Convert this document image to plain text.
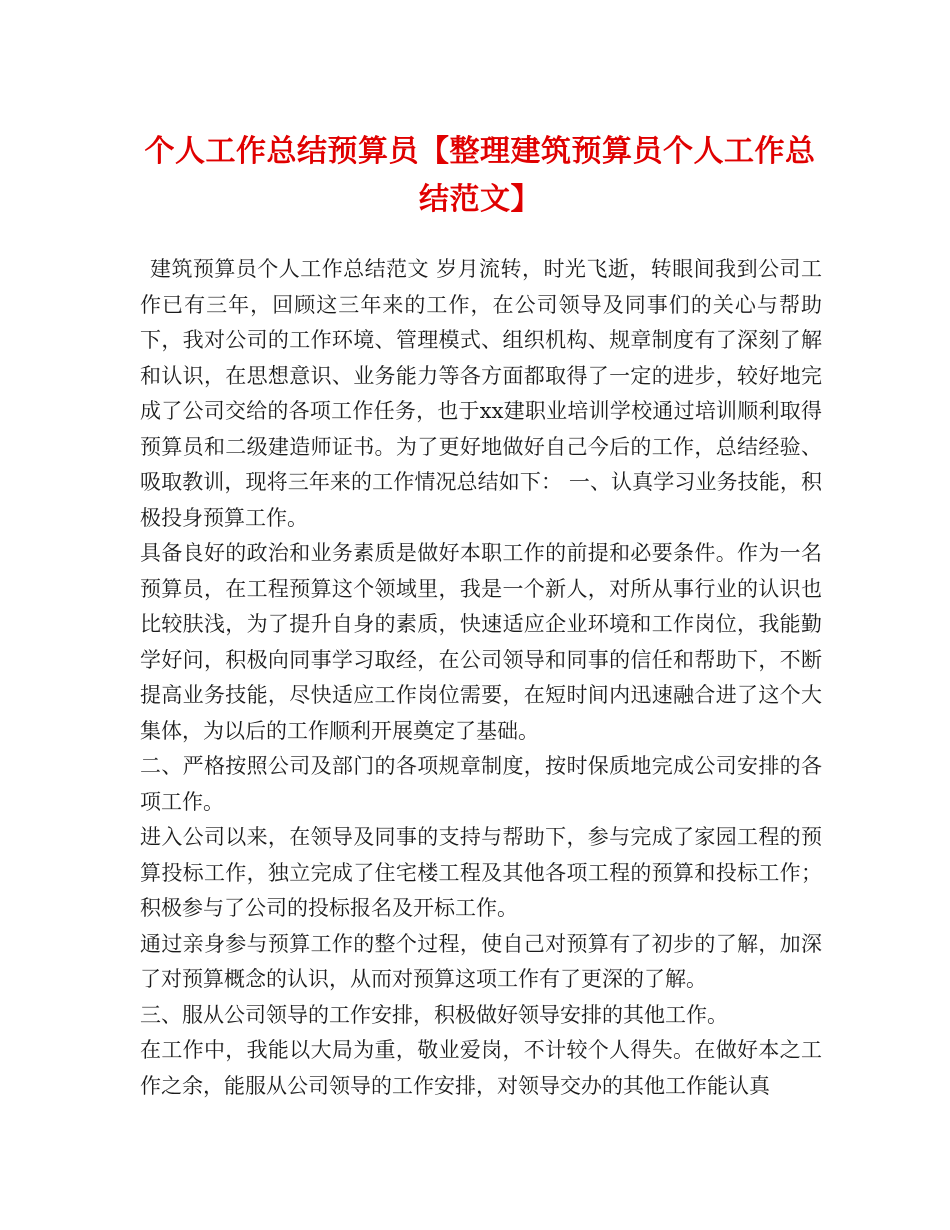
个人工作总结预算员【整理建筑预算员个人工作总结范文】

建筑预算员个人工作总结范文 岁月流转，时光飞逝，转眼间我到公司工作已有三年，回顾这三年来的工作，在公司领导及同事们的关心与帮助下，我对公司的工作环境、管理模式、组织机构、规章制度有了深刻了解和认识，在思想意识、业务能力等各方面都取得了一定的进步，较好地完成了公司交给的各项工作任务，也于xx建职业培训学校通过培训顺利取得预算员和二级建造师证书。为了更好地做好自己今后的工作，总结经验、吸取教训，现将三年来的工作情况总结如下： 一、认真学习业务技能，积极投身预算工作。

具备良好的政治和业务素质是做好本职工作的前提和必要条件。作为一名预算员，在工程预算这个领域里，我是一个新人，对所从事行业的认识也比较肤浅，为了提升自身的素质，快速适应企业环境和工作岗位，我能勤学好问，积极向同事学习取经，在公司领导和同事的信任和帮助下，不断提高业务技能，尽快适应工作岗位需要，在短时间内迅速融合进了这个大集体，为以后的工作顺利开展奠定了基础。

二、严格按照公司及部门的各项规章制度，按时保质地完成公司安排的各项工作。

进入公司以来，在领导及同事的支持与帮助下，参与完成了家园工程的预算投标工作，独立完成了住宅楼工程及其他各项工程的预算和投标工作；积极参与了公司的投标报名及开标工作。

通过亲身参与预算工作的整个过程，使自己对预算有了初步的了解，加深了对预算概念的认识，从而对预算这项工作有了更深的了解。

三、服从公司领导的工作安排，积极做好领导安排的其他工作。

在工作中，我能以大局为重，敬业爱岗，不计较个人得失。在做好本之工作之余，能服从公司领导的工作安排，对领导交办的其他工作能认真
